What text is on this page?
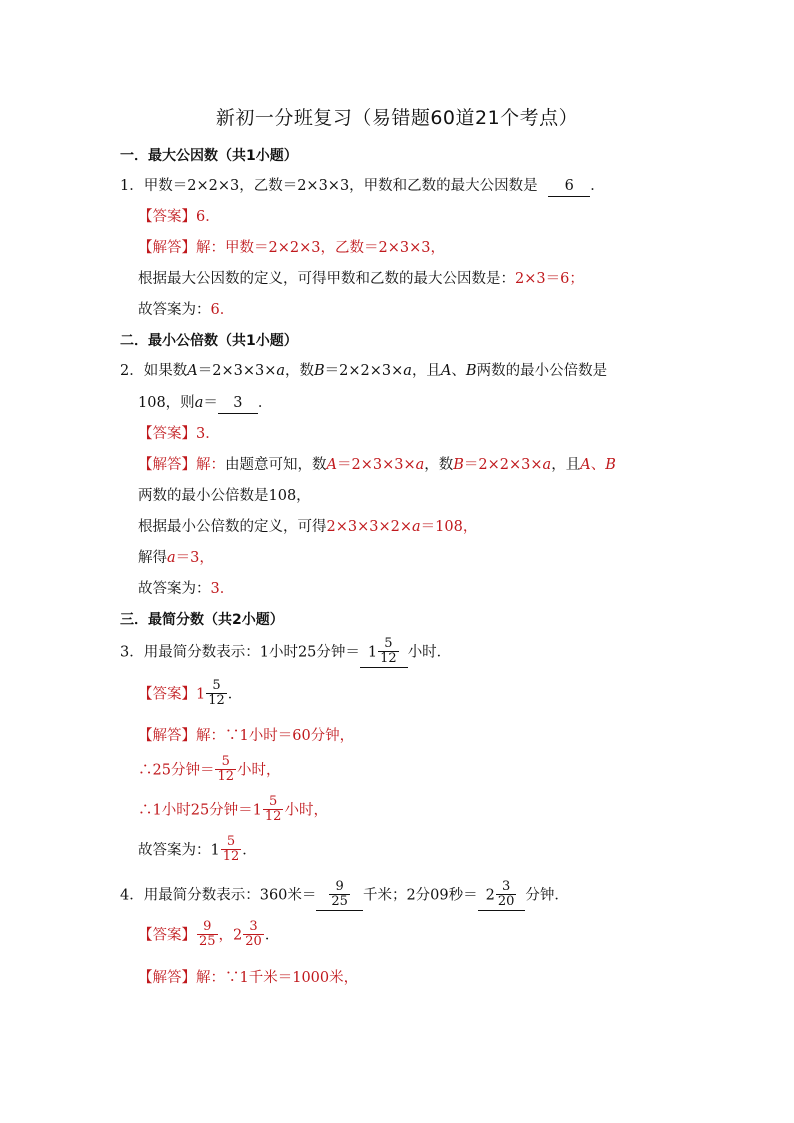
新初一分班复习（易错题60道21个考点）
一．最大公因数（共1小题）
1．甲数＝2×2×3，乙数＝2×3×3，甲数和乙数的最大公因数是 6 ．
【答案】6．
【解答】解：甲数＝2×2×3，乙数＝2×3×3，
根据最大公因数的定义，可得甲数和乙数的最大公因数是：2×3＝6；
故答案为：6．
二．最小公倍数（共1小题）
2．如果数A＝2×3×3×a，数B＝2×2×3×a，且A、B两数的最小公倍数是
108，则a＝ 3 ．
【答案】3．
【解答】解：由题意可知，数A＝2×3×3×a，数B＝2×2×3×a，且A、B
两数的最小公倍数是108，
根据最小公倍数的定义，可得2×3×3×2×a＝108，
解得a＝3，
故答案为：3．
三．最简分数（共2小题）
3．用最简分数表示：1小时25分钟＝ $1 \frac{5}{12}$ 小时．
【答案】$1 \frac{5}{12}$ ．
【解答】解：∵1小时＝60分钟，
∴25分钟＝ $\frac{5}{12}$ 小时，
∴1小时25分钟$=1 \frac{5}{12}$ 小时，
故答案为：$1 \frac{5}{12}$ ．
4．用最简分数表示：360米＝ $\frac{9}{25}$ 千米；2分09秒＝ $2 \frac{3}{20}$ 分钟．
【答案】 $\frac{9}{25}$ ，$2 \frac{3}{20}$ ．
【解答】解：∵1千米＝1000米，
